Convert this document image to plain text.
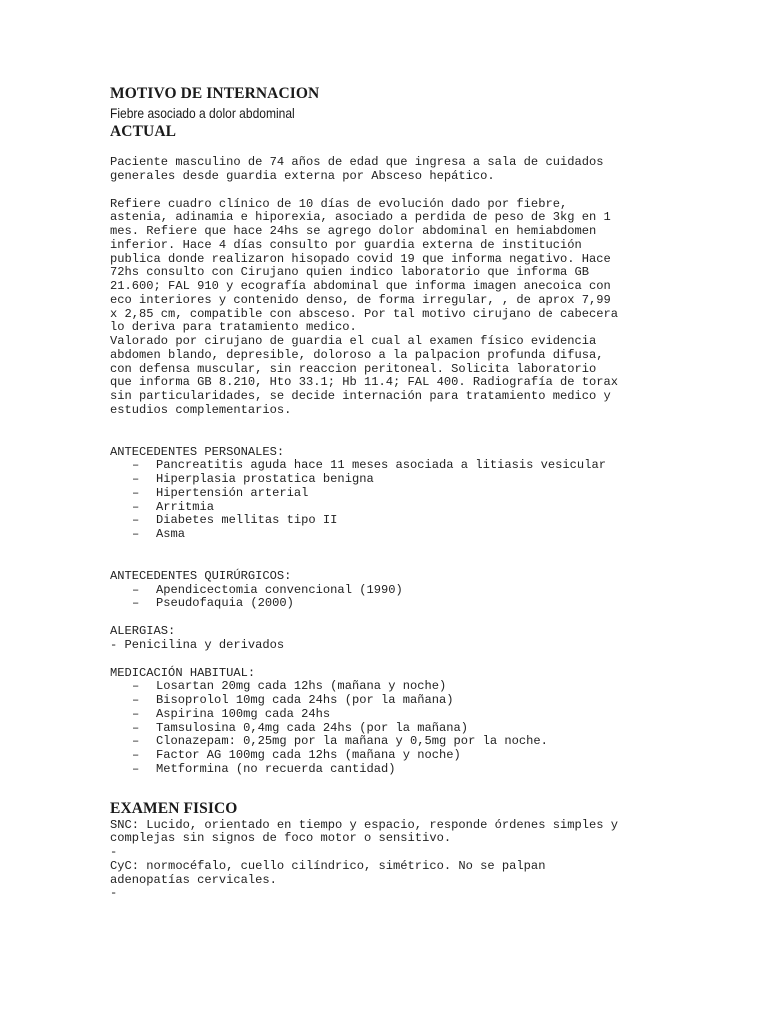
MOTIVO DE INTERNACION
Fiebre asociado a dolor abdominal
ACTUAL
Paciente masculino de 74 años de edad que ingresa a sala de cuidados
generales desde guardia externa por Absceso hepático.
Refiere cuadro clínico de 10 días de evolución dado por fiebre,
astenia, adinamia e hiporexia, asociado a perdida de peso de 3kg en 1
mes. Refiere que hace 24hs se agrego dolor abdominal en hemiabdomen
inferior. Hace 4 días consulto por guardia externa de institución
publica donde realizaron hisopado covid 19 que informa negativo. Hace
72hs consulto con Cirujano quien indico laboratorio que informa GB
21.600; FAL 910 y ecografía abdominal que informa imagen anecoica con
eco interiores y contenido denso, de forma irregular, , de aprox 7,99
x 2,85 cm, compatible con absceso. Por tal motivo cirujano de cabecera
lo deriva para tratamiento medico.
Valorado por cirujano de guardia el cual al examen físico evidencia
abdomen blando, depresible, doloroso a la palpacion profunda difusa,
con defensa muscular, sin reaccion peritoneal. Solicita laboratorio
que informa GB 8.210, Hto 33.1; Hb 11.4; FAL 400. Radiografía de torax
sin particularidades, se decide internación para tratamiento medico y
estudios complementarios.
ANTECEDENTES PERSONALES:
– Pancreatitis aguda hace 11 meses asociada a litiasis vesicular
– Hiperplasia prostatica benigna
– Hipertensión arterial
– Arritmia
– Diabetes mellitas tipo II
– Asma
ANTECEDENTES QUIRÚRGICOS:
– Apendicectomia convencional (1990)
– Pseudofaquia (2000)
ALERGIAS:
- Penicilina y derivados
MEDICACIÓN HABITUAL:
– Losartan 20mg cada 12hs (mañana y noche)
– Bisoprolol 10mg cada 24hs (por la mañana)
– Aspirina 100mg cada 24hs
– Tamsulosina 0,4mg cada 24hs (por la mañana)
– Clonazepam: 0,25mg por la mañana y 0,5mg por la noche.
– Factor AG 100mg cada 12hs (mañana y noche)
– Metformina (no recuerda cantidad)
EXAMEN FISICO
SNC: Lucido, orientado en tiempo y espacio, responde órdenes simples y
complejas sin signos de foco motor o sensitivo.
-
CyC: normocéfalo, cuello cilíndrico, simétrico. No se palpan
adenopatías cervicales.
-
